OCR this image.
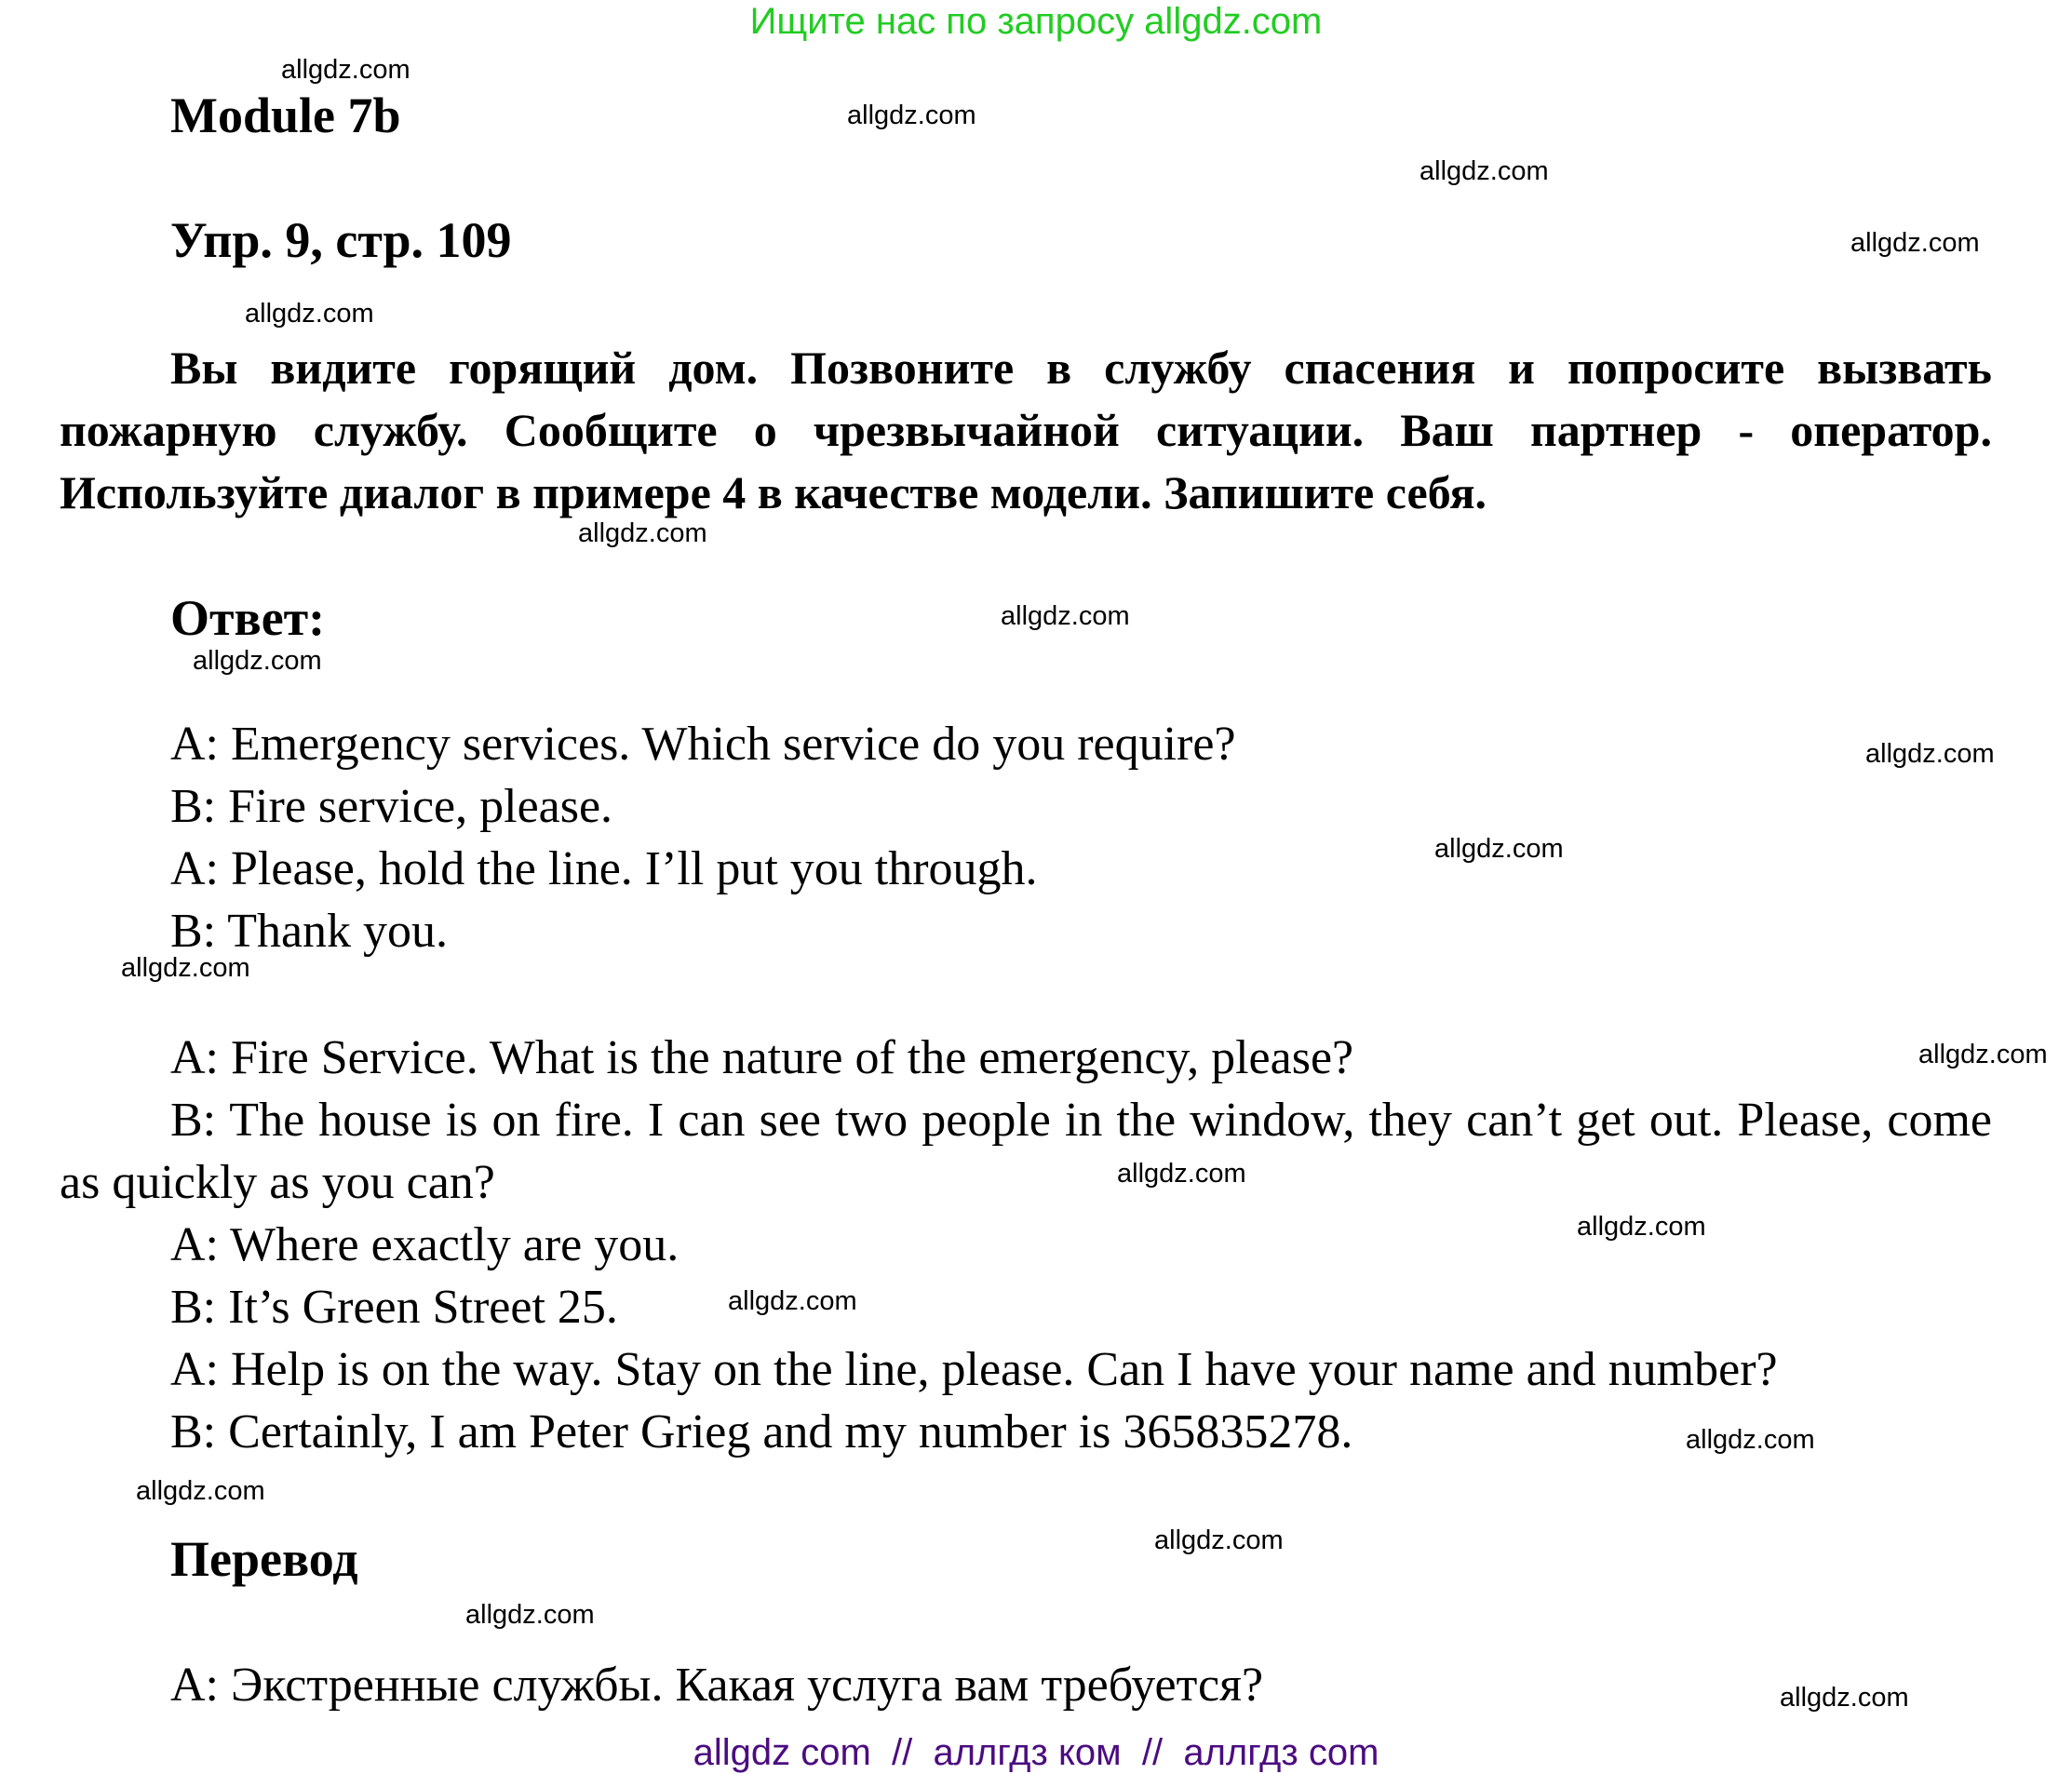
Ищите нас по запросу allgdz.com
Module 7b
Упр. 9, стр. 109
Вы видите горящий дом. Позвоните в службу спасения и попросите вызвать пожарную службу. Сообщите о чрезвычайной ситуации. Ваш партнер - оператор. Используйте диалог в примере 4 в качестве модели. Запишите себя.
Ответ:
A: Emergency services. Which service do you require?
B: Fire service, please.
A: Please, hold the line. I’ll put you through.
B: Thank you.
A: Fire Service. What is the nature of the emergency, please?
B: The house is on fire. I can see two people in the window, they can’t get out. Please, come as quickly as you can?
A: Where exactly are you.
B: It’s Green Street 25.
A: Help is on the way. Stay on the line, please. Can I have your name and number?
B: Certainly, I am Peter Grieg and my number is 365835278.
Перевод
A: Экстренные службы. Какая услуга вам требуется?
allgdz.com
allgdz.com
allgdz.com
allgdz.com
allgdz.com
allgdz.com
allgdz.com
allgdz.com
allgdz.com
allgdz.com
allgdz.com
allgdz.com
allgdz.com
allgdz.com
allgdz.com
allgdz.com
allgdz.com
allgdz.com
allgdz.com
allgdz.com
allgdz com  //  аллгдз ком  //  аллгдз com
